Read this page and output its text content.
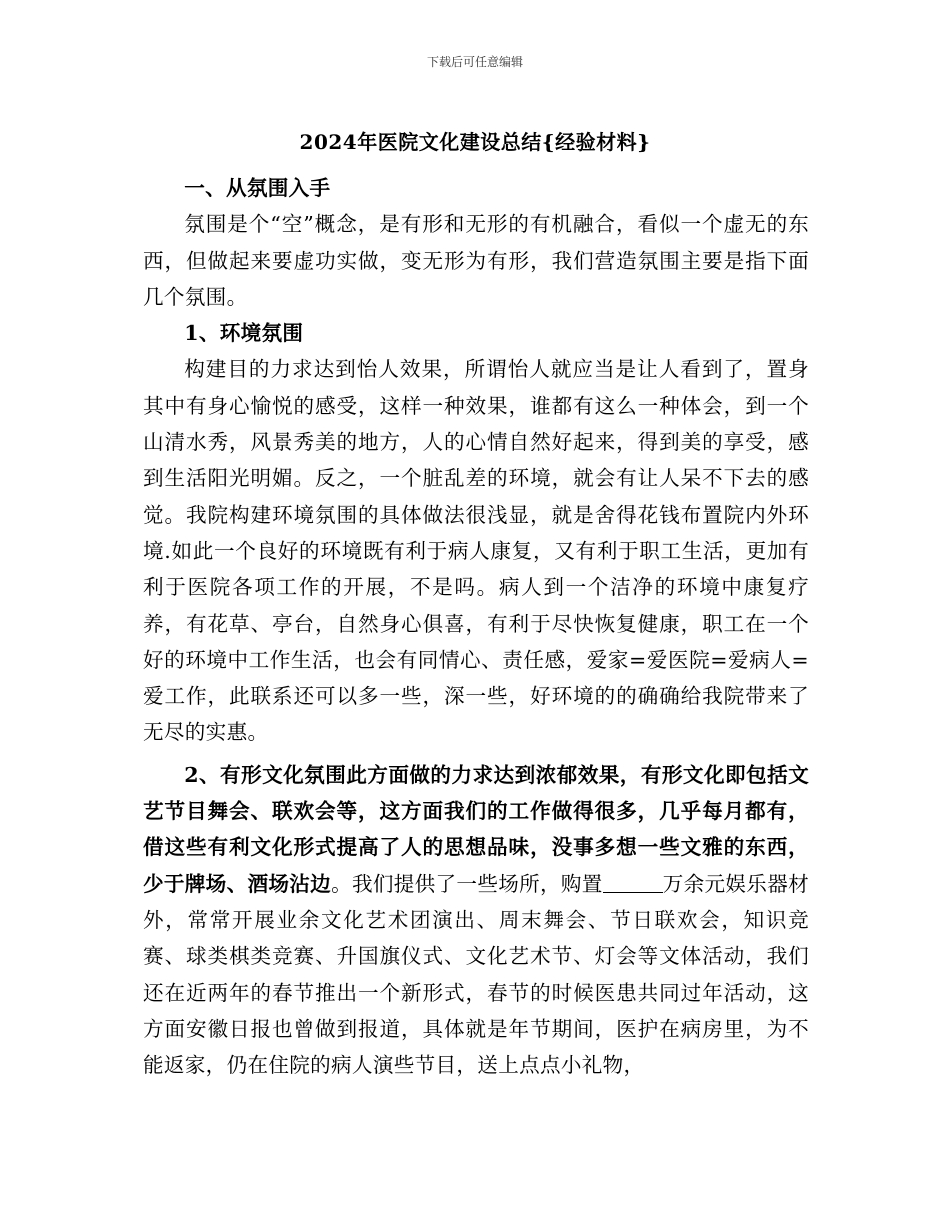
下载后可任意编辑
2024年医院文化建设总结{经验材料}
一、从氛围入手

氛围是个“空”概念，是有形和无形的有机融合，看似一个虚无的东西，但做起来要虚功实做，变无形为有形，我们营造氛围主要是指下面几个氛围。

1、环境氛围

构建目的力求达到怡人效果，所谓怡人就应当是让人看到了，置身其中有身心愉悦的感受，这样一种效果，谁都有这么一种体会，到一个山清水秀，风景秀美的地方，人的心情自然好起来，得到美的享受，感到生活阳光明媚。反之，一个脏乱差的环境，就会有让人呆不下去的感觉。我院构建环境氛围的具体做法很浅显，就是舍得花钱布置院内外环境.如此一个良好的环境既有利于病人康复，又有利于职工生活，更加有利于医院各项工作的开展，不是吗。病人到一个洁净的环境中康复疗养，有花草、亭台，自然身心俱喜，有利于尽快恢复健康，职工在一个好的环境中工作生活，也会有同情心、责任感，爱家=爱医院=爱病人=爱工作，此联系还可以多一些，深一些，好环境的的确确给我院带来了无尽的实惠。

2、有形文化氛围此方面做的力求达到浓郁效果，有形文化即包括文艺节目舞会、联欢会等，这方面我们的工作做得很多，几乎每月都有，借这些有利文化形式提高了人的思想品味，没事多想一些文雅的东西，少于牌场、酒场沾边。我们提供了一些场所，购置	万余元娱乐器材外，常常开展业余文化艺术团演出、周末舞会、节日联欢会，知识竞赛、球类棋类竞赛、升国旗仪式、文化艺术节、灯会等文体活动，我们还在近两年的春节推出一个新形式，春节的时候医患共同过年活动，这方面安徽日报也曾做到报道，具体就是年节期间，医护在病房里，为不能返家，仍在住院的病人演些节目，送上点点小礼物，
